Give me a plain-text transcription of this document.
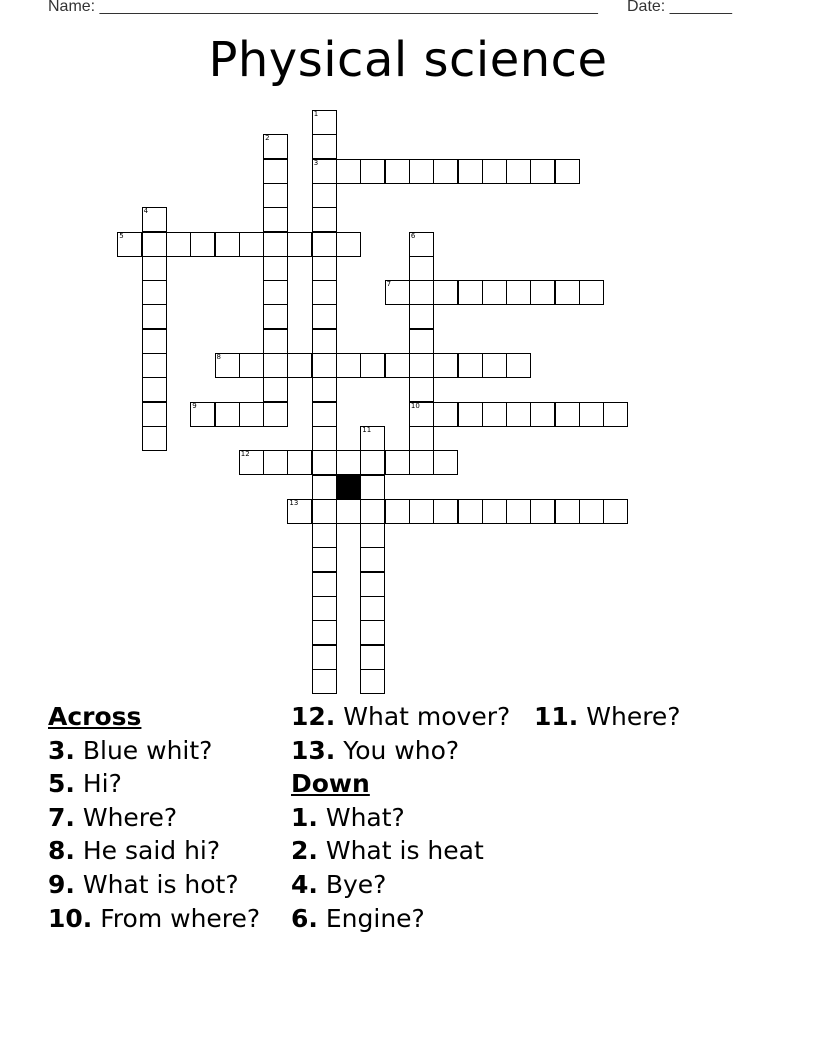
Name: ________________________________________________________ Date: _______
Physical science
1
3
2
4
5	6
10
7
8
9
11
12
13
Across
3. Blue whit?
5. Hi?
7. Where?
8. He said hi?
9. What is hot?
10. From where?
12. What mover?
13. You who?
Down
1. What?
2. What is heat
4. Bye?
6. Engine?
11. Where?
